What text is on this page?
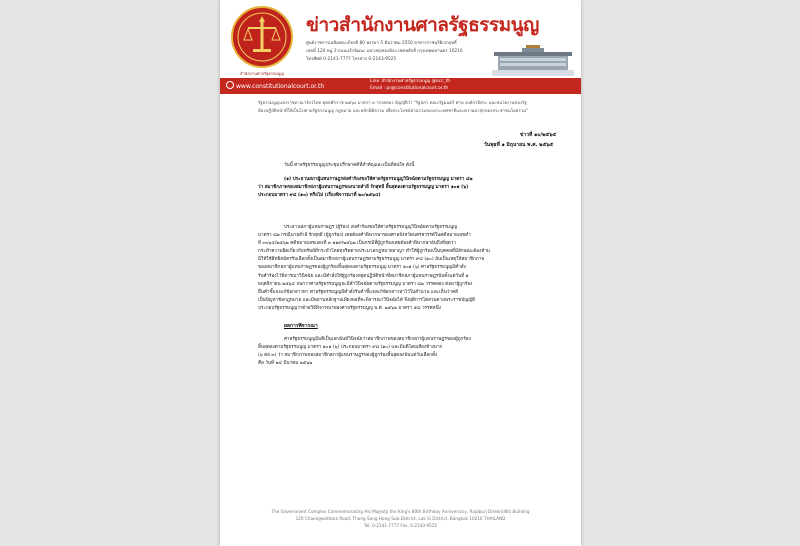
สำนักงานศาลรัฐธรรมนูญ
ข่าวสำนักงานศาลรัฐธรรมนูญ
ศูนย์ราชการเฉลิมพระเกียรติ 80 พรรษา 5 ธันวาคม 2550 อาคารราชบุรีดิเรกฤทธิ์
เลขที่ 120 หมู่ 3 ถนนแจ้งวัฒนะ แขวงทุ่งสองห้อง เขตหลักสี่ กรุงเทพมหานคร 10210
โทรศัพท์ 0-2141-7777 โทรสาร 0-2143-9525
www.constitutionalcourt.or.th
Line :สำนักงานศาลรัฐธรรมนูญ @occ_th
Email : pr@constitutionalcourt.or.th
รัฐธรรมนูญแห่งราชอาณาจักรไทย พุทธศักราช ๒๕๖๐ มาตรา ๓ วรรคสอง บัญญัติว่า "รัฐสภา คณะรัฐมนตรี ศาล องค์กรอิสระ และหน่วยงานของรัฐ
ต้องปฏิบัติหน้าที่ให้เป็นไปตามรัฐธรรมนูญ กฎหมาย และหลักนิติธรรม เพื่อประโยชน์ส่วนรวมของประเทศชาติและความผาสุกของประชาชนโดยรวม"
ข่าวที่ ๑๐/๒๕๖๕
วันพุธที่ ๑ มิถุนายน พ.ศ. ๒๕๖๕
วันนี้ ศาลรัฐธรรมนูญประชุมปรึกษาคดีที่สำคัญและเป็นที่สนใจ ดังนี้
(๑) ประธานสภาผู้แทนราษฎรส่งคำร้องขอให้ศาลรัฐธรรมนูญวินิจฉัยตามรัฐธรรมนูญ มาตรา ๘๒
ว่า สมาชิกภาพของสมาชิกสภาผู้แทนราษฎรของนายสำลี รักสุทธี สิ้นสุดลงตามรัฐธรรมนูญ มาตรา ๑๐๑ (๖)
ประกอบมาตรา ๙๘ (๑๐) หรือไม่ (เรื่องพิจารณาที่ ๒๐/๒๕๖๔)
ประธานสภาผู้แทนราษฎร (ผู้ร้อง) ส่งคำร้องขอให้ศาลรัฐธรรมนูญวินิจฉัยตามรัฐธรรมนูญ
มาตรา ๘๒ กรณีนายสำลี รักสุทธี (ผู้ถูกร้อง) เคยต้องคำพิพากษาของศาลจังหวัดนครสวรรค์ในคดีหมายเลขดำ
ที่ ๓๐๖๔/๒๕๖๒ คดีหมายเลขแดงที่ ๓ ๑๑๙/๒๕๖๒ เป็นกรณีที่ผู้ถูกร้องเคยต้องคำพิพากษาอันถึงที่สุดว่า
กระทำความผิดเกี่ยวกับทรัพย์ที่กระทำโดยทุจริตตามประมวลกฎหมายอาญา ทำให้ผู้ถูกร้องเป็นบุคคลที่มีลักษณะต้องห้าม
มิให้ใช้สิทธิสมัครรับเลือกตั้งเป็นสมาชิกสภาผู้แทนราษฎรตามรัฐธรรมนูญ มาตรา ๙๘ (๑๐) อันเป็นเหตุให้สมาชิกภาพ
ของสมาชิกสภาผู้แทนราษฎรของผู้ถูกร้องสิ้นสุดลงตามรัฐธรรมนูญ มาตรา ๑๐๑ (๖) ศาลรัฐธรรมนูญมีคำสั่ง
รับคำร้องไว้พิจารณาวินิจฉัย และมีคำสั่งให้ผู้ถูกร้องหยุดปฏิบัติหน้าที่สมาชิกสภาผู้แทนราษฎรนับตั้งแต่วันที่ ๑
พฤศจิกายน ๒๕๖๔ จนกว่าศาลรัฐธรรมนูญจะมีคำวินิจฉัยตามรัฐธรรมนูญ มาตรา ๘๒ วรรคสอง ต่อมาผู้ถูกร้อง
ยื่นคำชี้แจงแก้ข้อกล่าวหา ศาลรัฐธรรมนูญมีคำสั่งรับคำชี้แจงแก้ข้อกล่าวหาไว้ในสำนวน และเห็นว่าคดี
เป็นปัญหาข้อกฎหมาย และมีพยานหลักฐานเพียงพอที่จะพิจารณาวินิจฉัยได้ จึงยุติการไต่สวนตามพระราชบัญญัติ
ประกอบรัฐธรรมนูญว่าด้วยวิธีพิจารณาของศาลรัฐธรรมนูญ พ.ศ. ๒๕๖๑ มาตรา ๕๘ วรรคหนึ่ง
ผลการพิจารณา
ศาลรัฐธรรมนูญมีมติเป็นเอกฉันท์วินิจฉัยว่าสมาชิกภาพของสมาชิกสภาผู้แทนราษฎรของผู้ถูกร้อง
สิ้นสุดลงตามรัฐธรรมนูญ มาตรา ๑๐๑ (๖) ประกอบมาตรา ๙๘ (๑๐) และมีมติโดยเสียงข้างมาก
(๖ ต่อ ๓) ว่า สมาชิกภาพของสมาชิกสภาผู้แทนราษฎรของผู้ถูกร้องสิ้นสุดลงนับแต่วันเลือกตั้ง
คือ วันที่ ๒๔ มีนาคม ๒๕๖๒
The Government Complex Commemorating His Majesty the King's 80th Birthday Anniversary, Rajaburi Direkriddhi Building
120 Chaengwattana Road, Thung Song Hong Sub-District, Lak Si District, Bangkok 10210 THAILAND
Tel. 0-2141-7777 Fax. 0-2143-9525
